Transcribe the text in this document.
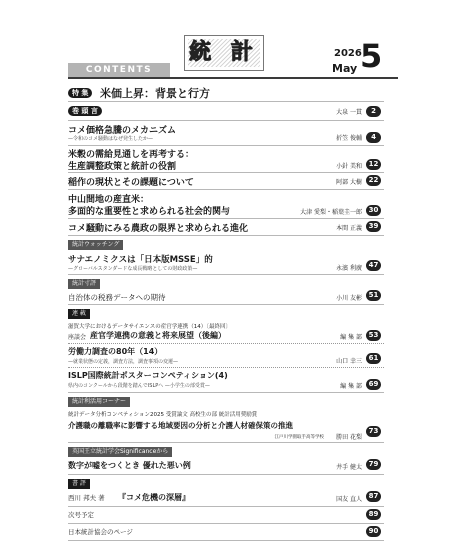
CONTENTS
統 計	2026
May 5
特 集	米価上昇：背景と行方
巻 頭 言	大泉 一貫	2
コメ価格急騰のメカニズム
—令和のコメ騒動はなぜ発生したか—	折笠 俊輔	4
米穀の需給見通しを再考する：
生産調整政策と統計の役割	小針 美和 12
稲作の現状とその課題について	阿部 大樹 22
中山間地の産直米：
多面的な重要性と求められる社会的関与	大津 愛梨・稲葉圭一郎 30
コメ騒動にみる農政の限界と求められる進化	本間 正義 39
統計ウォッチング
サナエノミクスは「日本版MSSE」的
—グローバルスタンダードな成長戦略としての財政政策—	永濱 利廣 47
統計寸評
自治体の税務データへの期待	小川 友彬 51
連 載
滋賀大学におけるデータサイエンスの産官学連携（14）〔最終回〕
座談会 産官学連携の意義と将来展望（後編）	編 集 部 53
労働力調査の80年（14）
—就業状態の定義，調査方法，調査事項の変遷—	山口 幸三 61
ISLP国際統計ポスターコンペティション(4)
県内のコンクールから段階を踏んでISLPへ —小学生の部受賞—	編 集 部 69
統計利活用コーナー
統計データ分析コンペティション2025 受賞論文 高校生の部 統計活用奨励賞
介護職の離職率に影響する地域要因の分析と介護人材確保策の推進
江戸川学園取手高等学校 勝田 花梨
73
英国王立統計学会Significanceから
数字が嘘をつくとき 優れた悪い例	井手 健太 79
書 評
西川 邦夫 著 『コメ危機の深層』	国友 直人 87
次号予定	89
日本統計協会のページ	90
